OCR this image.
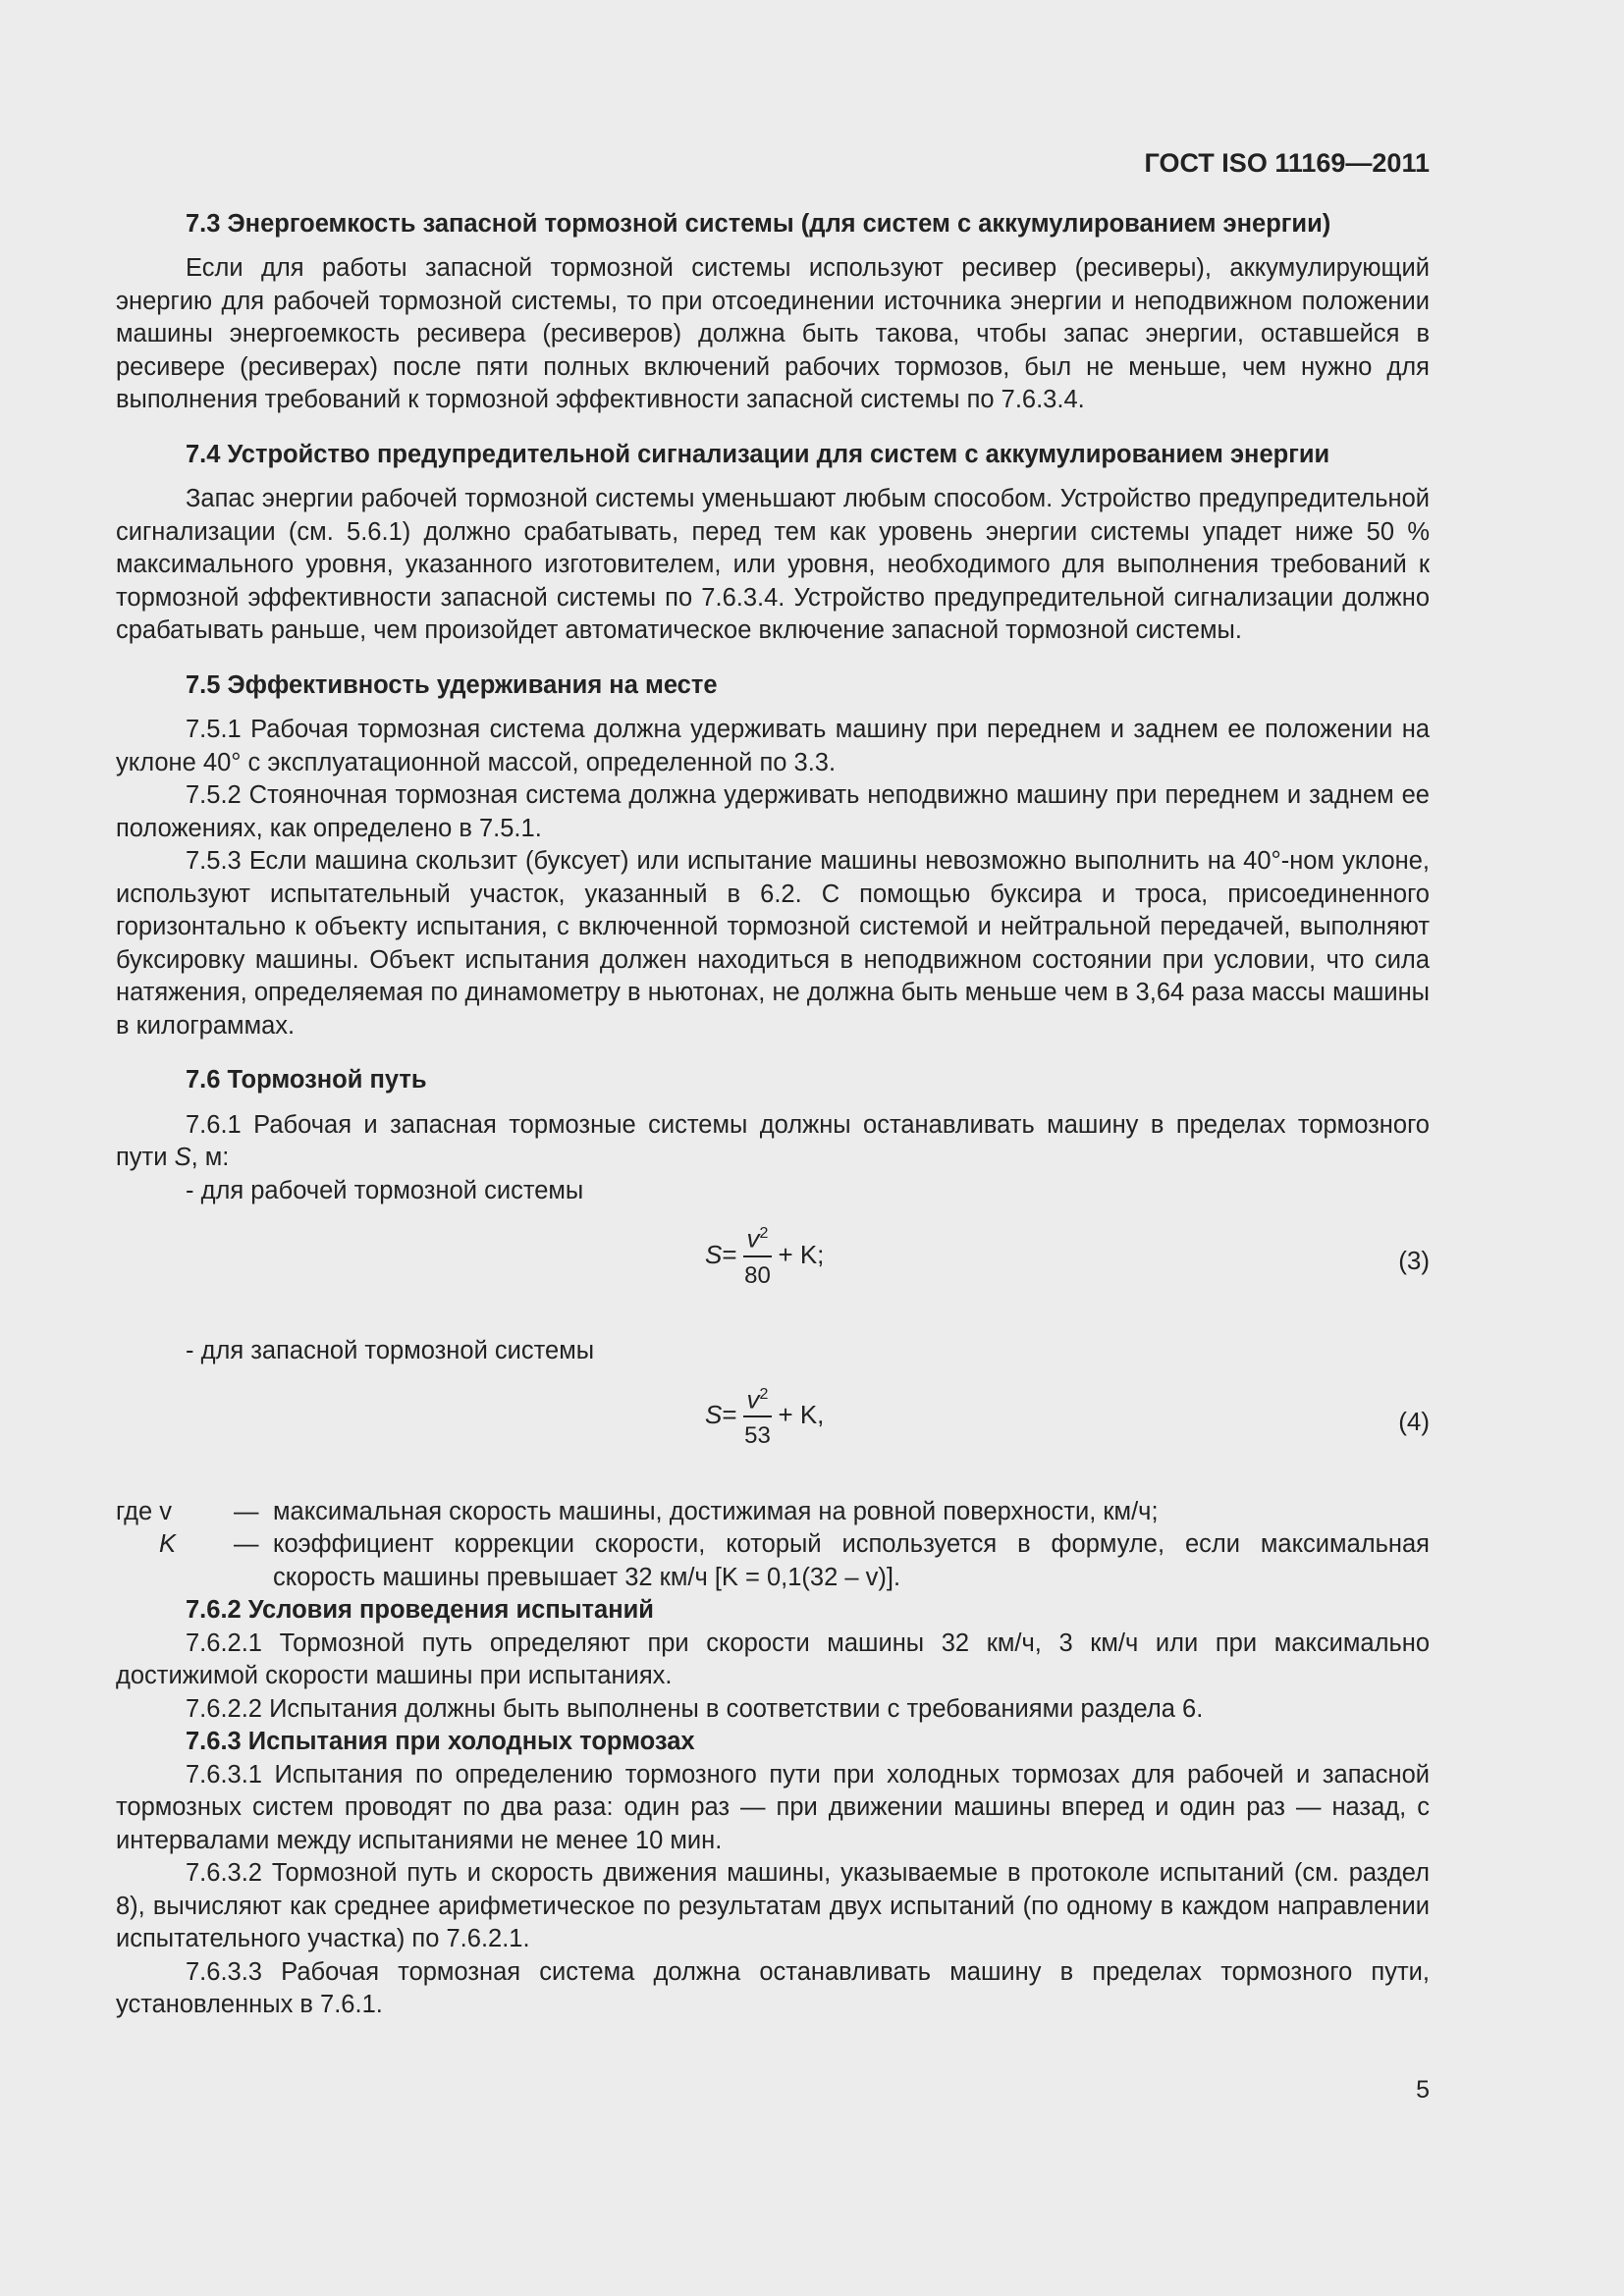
ГОСТ ISO 11169—2011
7.3 Энергоемкость запасной тормозной системы (для систем с аккумулированием энергии)

Если для работы запасной тормозной системы используют ресивер (ресиверы), аккумулирующий энергию для рабочей тормозной системы, то при отсоединении источника энергии и неподвижном положении машины энергоемкость ресивера (ресиверов) должна быть такова, чтобы запас энергии, оставшейся в ресивере (ресиверах) после пяти полных включений рабочих тормозов, был не меньше, чем нужно для выполнения требований к тормозной эффективности запасной системы по 7.6.3.4.

7.4 Устройство предупредительной сигнализации для систем с аккумулированием энергии

Запас энергии рабочей тормозной системы уменьшают любым способом. Устройство предупредительной сигнализации (см. 5.6.1) должно срабатывать, перед тем как уровень энергии системы упадет ниже 50 % максимального уровня, указанного изготовителем, или уровня, необходимого для выполнения требований к тормозной эффективности запасной системы по 7.6.3.4. Устройство предупредительной сигнализации должно срабатывать раньше, чем произойдет автоматическое включение запасной тормозной системы.

7.5 Эффективность удерживания на месте

7.5.1 Рабочая тормозная система должна удерживать машину при переднем и заднем ее положении на уклоне 40° с эксплуатационной массой, определенной по 3.3.

7.5.2 Стояночная тормозная система должна удерживать неподвижно машину при переднем и заднем ее положениях, как определено в 7.5.1.

7.5.3 Если машина скользит (буксует) или испытание машины невозможно выполнить на 40°-ном уклоне, используют испытательный участок, указанный в 6.2. С помощью буксира и троса, присоединенного горизонтально к объекту испытания, с включенной тормозной системой и нейтральной передачей, выполняют буксировку машины. Объект испытания должен находиться в неподвижном состоянии при условии, что сила натяжения, определяемая по динамометру в ньютонах, не должна быть меньше чем в 3,64 раза массы машины в килограммах.

7.6 Тормозной путь

7.6.1 Рабочая и запасная тормозные системы должны останавливать машину в пределах тормозного пути S, м:

- для рабочей тормозной системы

$S = \frac{v^2}{80} + K$;	(3)

- для запасной тормозной системы

$S = \frac{v^2}{53} + K$,	(4)
где v	— максимальная скорость машины, достижимая на ровной поверхности, км/ч;
K	— коэффициент коррекции скорости, который используется в формуле, если максимальная скорость машины превышает 32 км/ч [K = 0,1(32 – v)].
7.6.2 Условия проведения испытаний

7.6.2.1 Тормозной путь определяют при скорости машины 32 км/ч, 3 км/ч или при максимально достижимой скорости машины при испытаниях.

7.6.2.2 Испытания должны быть выполнены в соответствии с требованиями раздела 6.

7.6.3 Испытания при холодных тормозах

7.6.3.1 Испытания по определению тормозного пути при холодных тормозах для рабочей и запасной тормозных систем проводят по два раза: один раз — при движении машины вперед и один раз — назад, с интервалами между испытаниями не менее 10 мин.

7.6.3.2 Тормозной путь и скорость движения машины, указываемые в протоколе испытаний (см. раздел 8), вычисляют как среднее арифметическое по результатам двух испытаний (по одному в каждом направлении испытательного участка) по 7.6.2.1.

7.6.3.3 Рабочая тормозная система должна останавливать машину в пределах тормозного пути, установленных в 7.6.1.

5
